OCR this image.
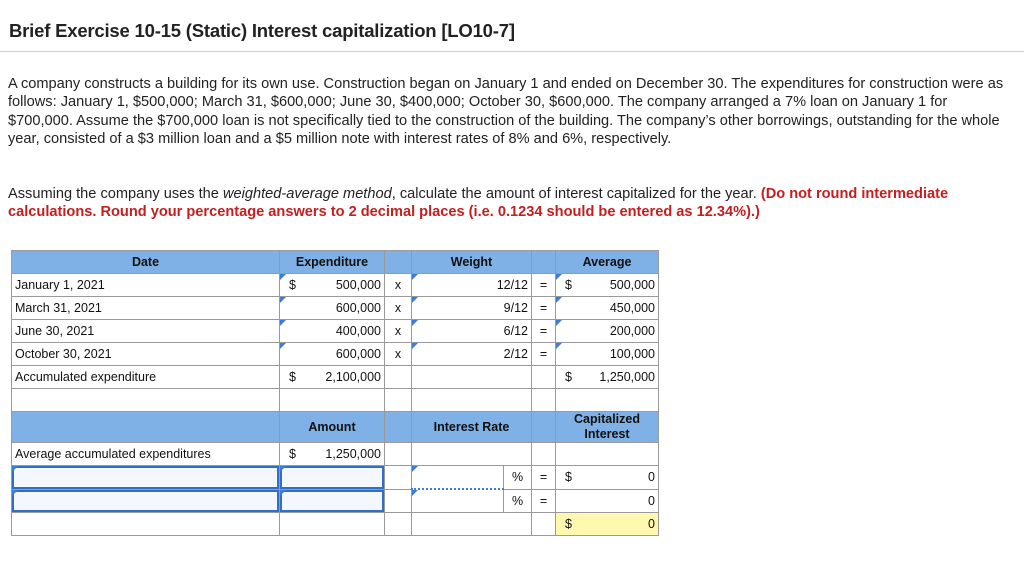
Brief Exercise 10-15 (Static) Interest capitalization [LO10-7]
A company constructs a building for its own use. Construction began on January 1 and ended on December 30. The expenditures for construction were as follows: January 1, $500,000; March 31, $600,000; June 30, $400,000; October 30, $600,000. The company arranged a 7% loan on January 1 for $700,000. Assume the $700,000 loan is not specifically tied to the construction of the building. The company’s other borrowings, outstanding for the whole year, consisted of a $3 million loan and a $5 million note with interest rates of 8% and 6%, respectively.
Assuming the company uses the weighted-average method, calculate the amount of interest capitalized for the year. (Do not round intermediate calculations. Round your percentage answers to 2 decimal places (i.e. 0.1234 should be entered as 12.34%).)
Date	Expenditure		Weight			Average
January 1, 2021	$ 500,000	x	12/12		=	$ 500,000
March 31, 2021	600,000	x	9/12		=	450,000
June 30, 2021	400,000	x	6/12		=	200,000
October 30, 2021	600,000	x	2/12		=	100,000
Accumulated expenditure	$ 2,100,000					$ 1,250,000

	Amount		Interest Rate			Capitalized Interest
Average accumulated expenditures	$ 1,250,000					
				%	=	$ 0
				%	=	0

						$ 0
